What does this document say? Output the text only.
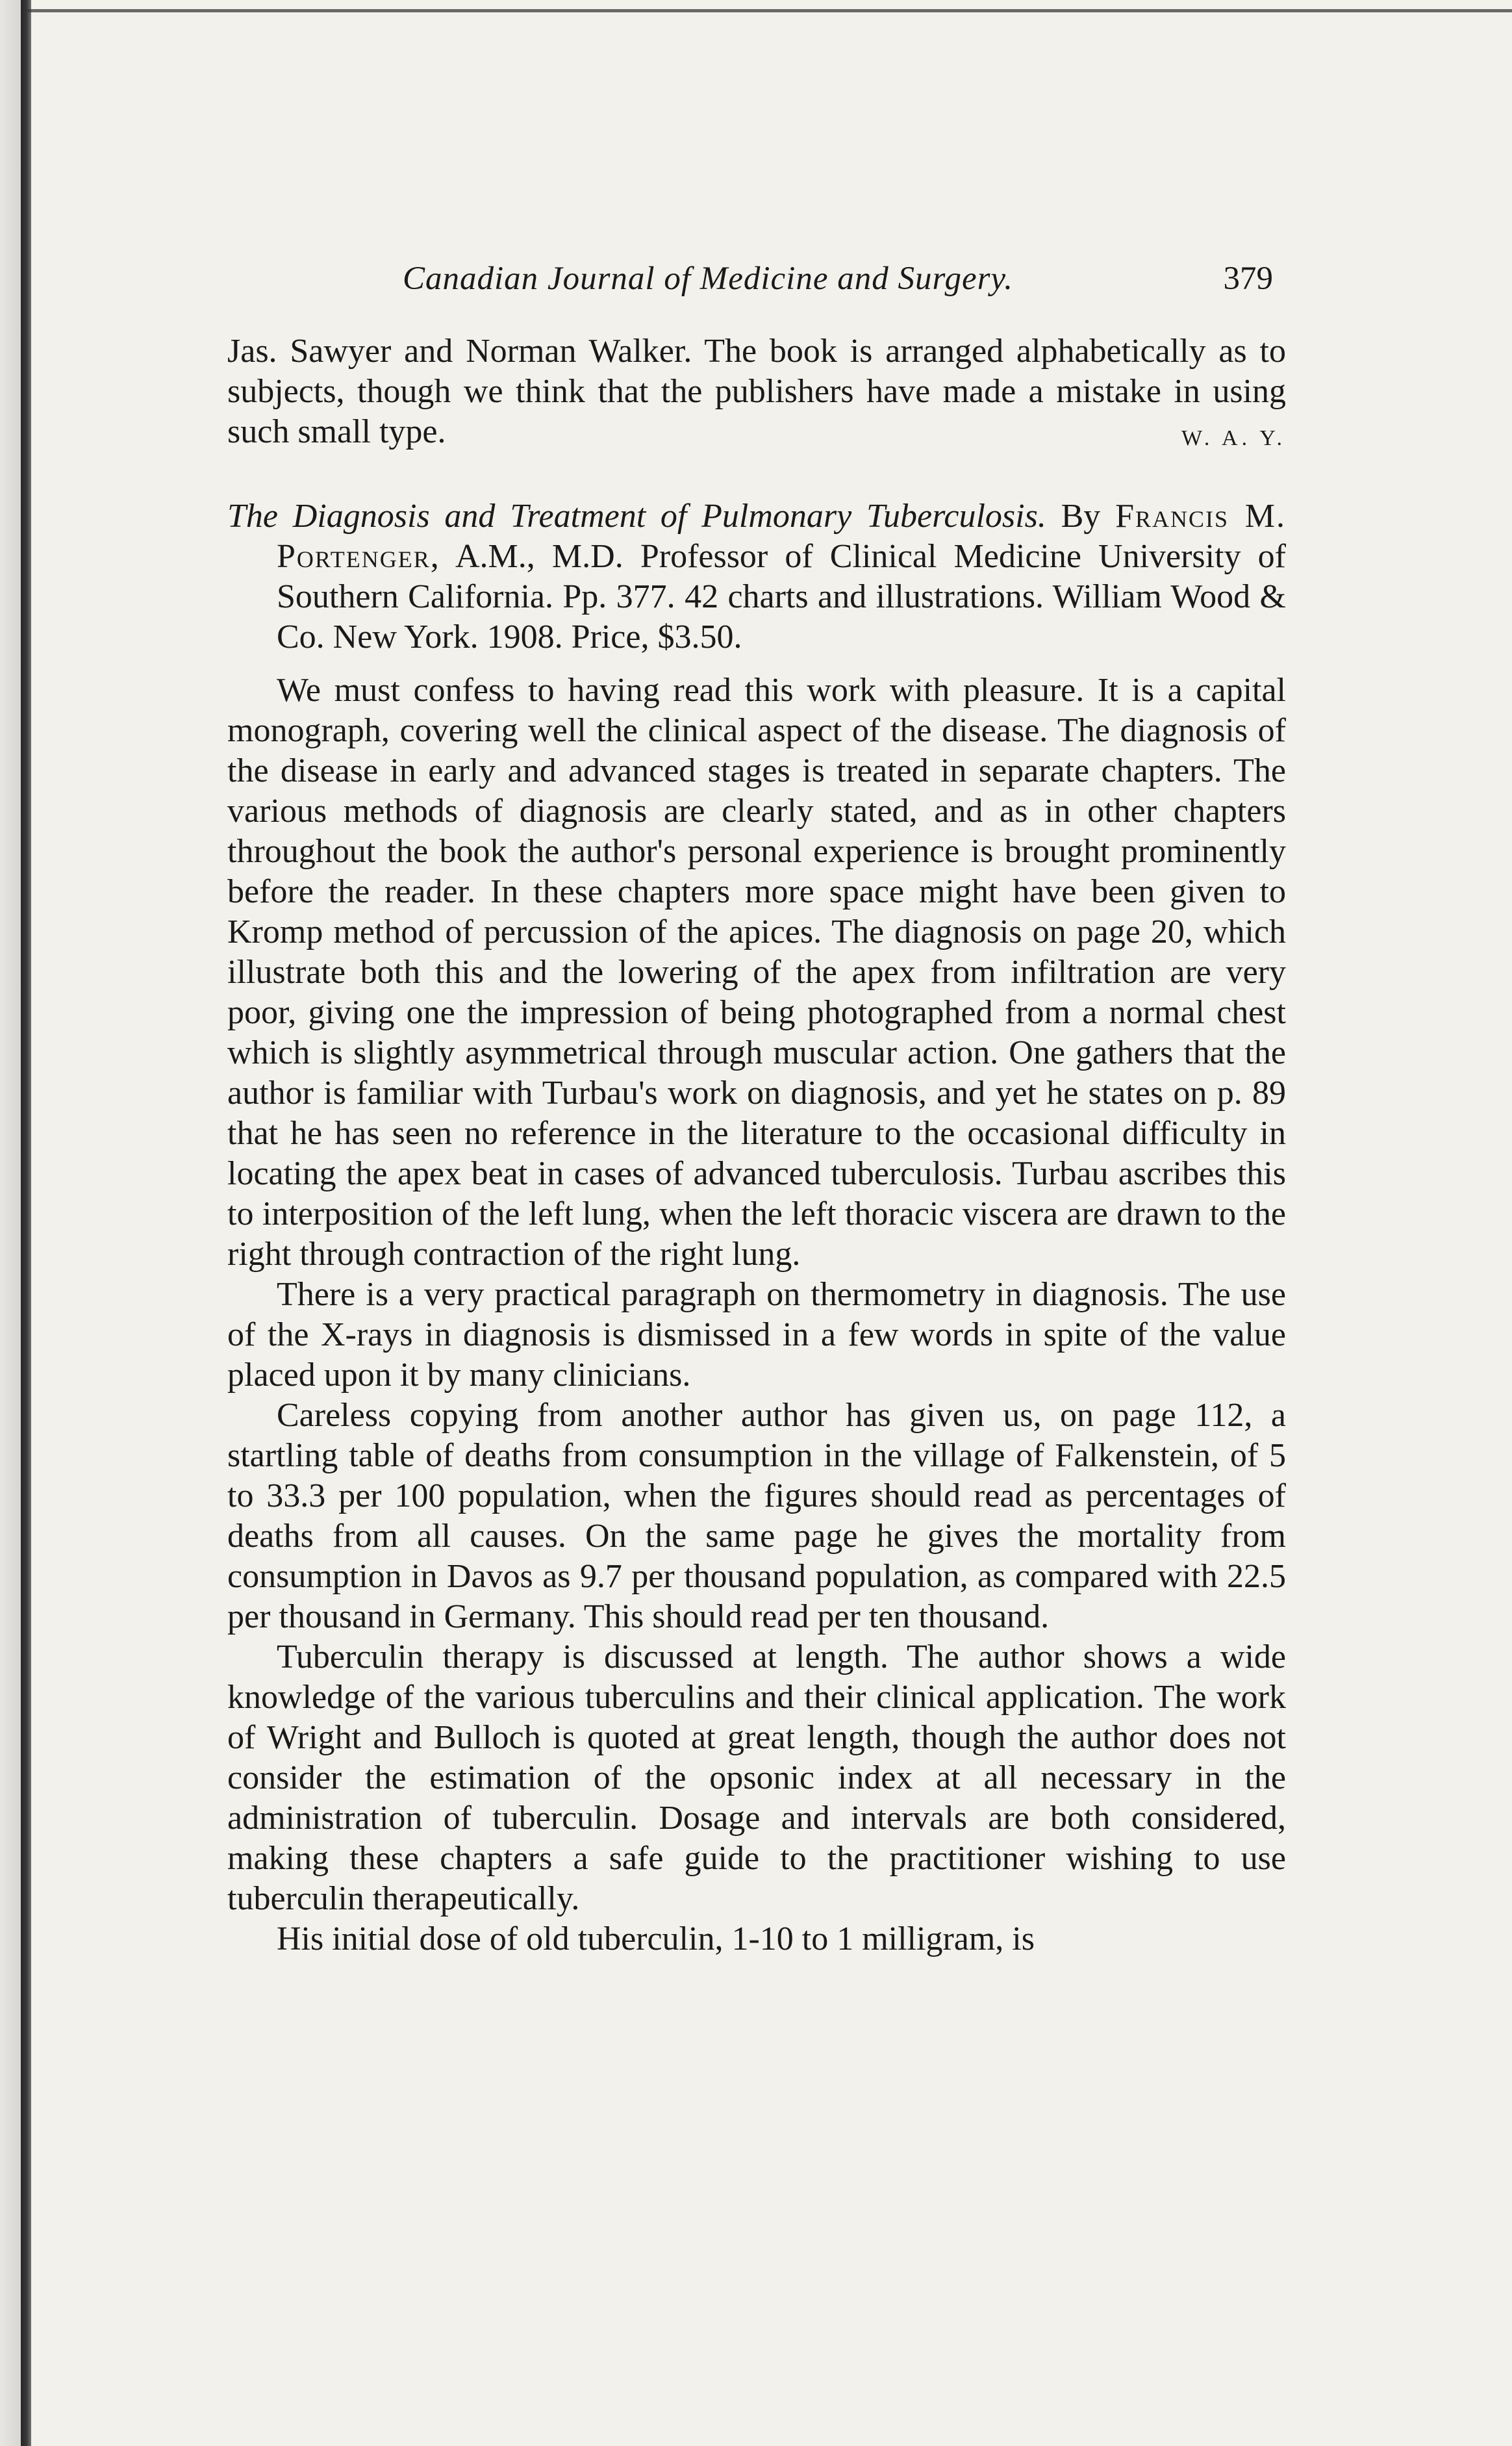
Canadian Journal of Medicine and Surgery.	379

Jas. Sawyer and Norman Walker. The book is arranged alphabetically as to subjects, though we think that the publishers have made a mistake in using such small type.	W. A. Y.

The Diagnosis and Treatment of Pulmonary Tuberculosis. By Francis M. Portenger, A.M., M.D. Professor of Clinical Medicine University of Southern California. Pp. 377. 42 charts and illustrations. William Wood & Co. New York. 1908. Price, $3.50.

We must confess to having read this work with pleasure. It is a capital monograph, covering well the clinical aspect of the disease. The diagnosis of the disease in early and advanced stages is treated in separate chapters. The various methods of diagnosis are clearly stated, and as in other chapters throughout the book the author's personal experience is brought prominently before the reader. In these chapters more space might have been given to Kromp method of percussion of the apices. The diagnosis on page 20, which illustrate both this and the lowering of the apex from infiltration are very poor, giving one the impression of being photographed from a normal chest which is slightly asymmetrical through muscular action. One gathers that the author is familiar with Turbau's work on diagnosis, and yet he states on p. 89 that he has seen no reference in the literature to the occasional difficulty in locating the apex beat in cases of advanced tuberculosis. Turbau ascribes this to interposition of the left lung, when the left thoracic viscera are drawn to the right through contraction of the right lung.

There is a very practical paragraph on thermometry in diagnosis. The use of the X-rays in diagnosis is dismissed in a few words in spite of the value placed upon it by many clinicians.

Careless copying from another author has given us, on page 112, a startling table of deaths from consumption in the village of Falkenstein, of 5 to 33.3 per 100 population, when the figures should read as percentages of deaths from all causes. On the same page he gives the mortality from consumption in Davos as 9.7 per thousand population, as compared with 22.5 per thousand in Germany. This should read per ten thousand.

Tuberculin therapy is discussed at length. The author shows a wide knowledge of the various tuberculins and their clinical application. The work of Wright and Bulloch is quoted at great length, though the author does not consider the estimation of the opsonic index at all necessary in the administration of tuberculin. Dosage and intervals are both considered, making these chapters a safe guide to the practitioner wishing to use tuberculin therapeutically.

His initial dose of old tuberculin, 1-10 to 1 milligram, is
